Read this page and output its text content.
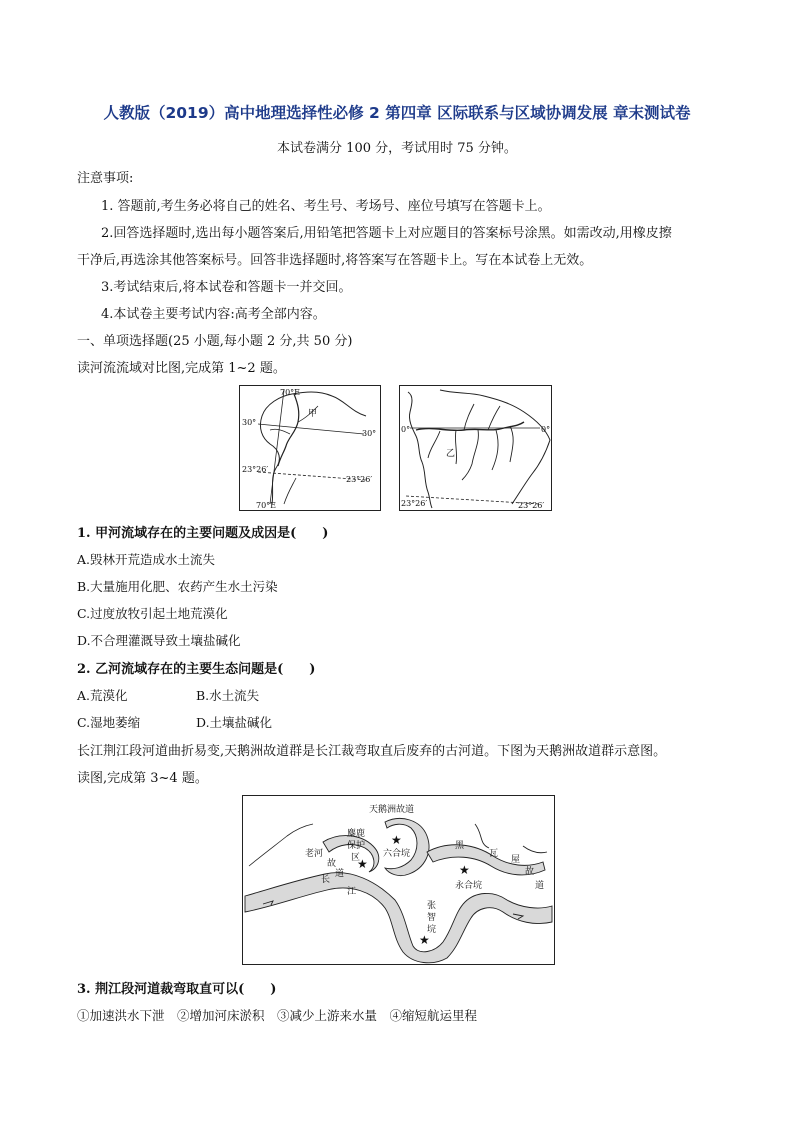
人教版（2019）高中地理选择性必修 2 第四章 区际联系与区域协调发展 章末测试卷
本试卷满分 100 分，考试用时 75 分钟。
注意事项:
1. 答题前,考生务必将自己的姓名、考生号、考场号、座位号填写在答题卡上。
2.回答选择题时,选出每小题答案后,用铅笔把答题卡上对应题目的答案标号涂黑。如需改动,用橡皮擦
干净后,再选涂其他答案标号。回答非选择题时,将答案写在答题卡上。写在本试卷上无效。
3.考试结束后,将本试卷和答题卡一并交回。
4.本试卷主要考试内容:高考全部内容。
一、单项选择题(25 小题,每小题 2 分,共 50 分)
读河流流域对比图,完成第 1~2 题。
70°E
甲
30°
30°
23°26′
23°26′
70°E
0°	0°
乙
23°26′	23°26′
1. 甲河流域存在的主要问题及成因是(　　)
A.毁林开荒造成水土流失
B.大量施用化肥、农药产生水土污染
C.过度放牧引起土地荒漠化
D.不合理灌溉导致土壤盐碱化
2. 乙河流域存在的主要生态问题是(　　)
A.荒漠化	B.水土流失
C.湿地萎缩	D.土壤盐碱化
长江荆江段河道曲折易变,天鹅洲故道群是长江裁弯取直后废弃的古河道。下图为天鹅洲故道群示意图。
读图,完成第 3~4 题。
★
★	★
★
天鹅洲故道
麋鹿
保护
区
老河
故
道
六合垸
永合垸
张
智
垸
黑
瓦
屋
故
道
长
江
3. 荆江段河道裁弯取直可以(　　)
①加速洪水下泄　②增加河床淤积　③减少上游来水量　④缩短航运里程
